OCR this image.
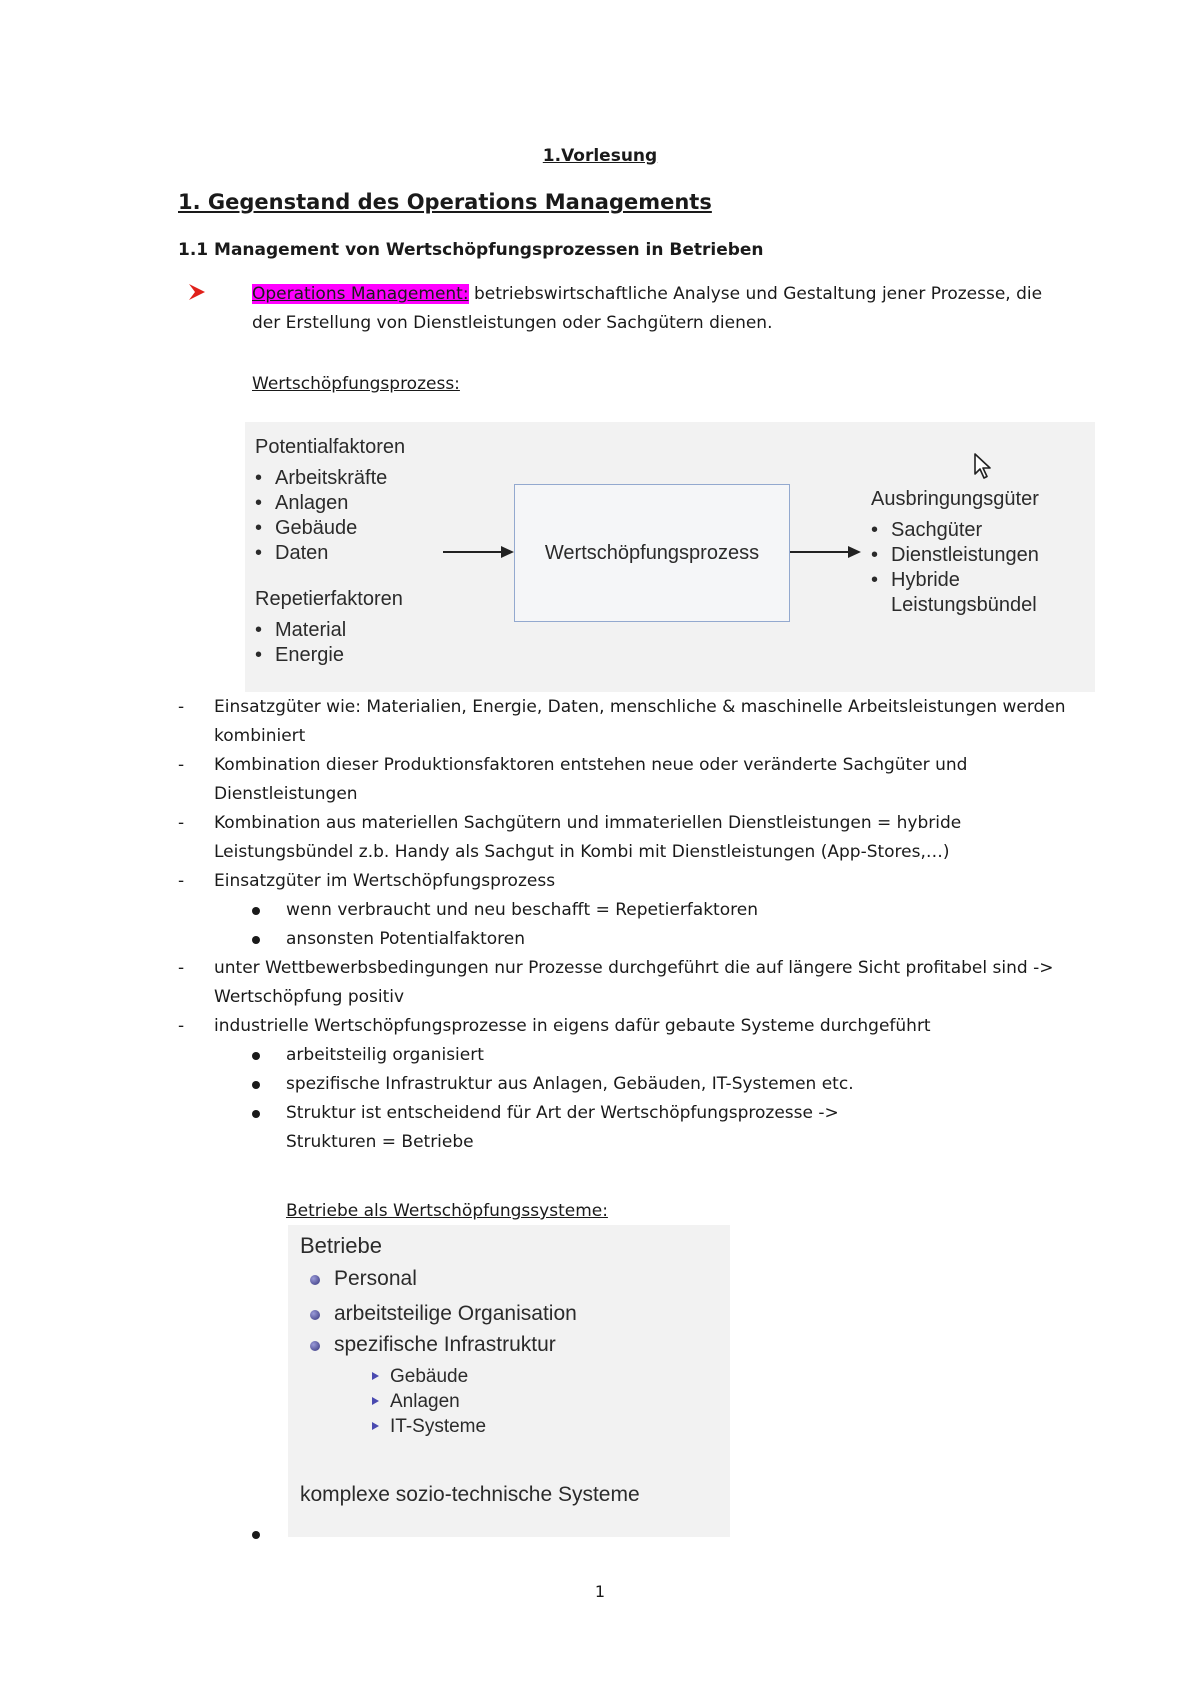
1.Vorlesung
1. Gegenstand des Operations Managements
1.1 Management von Wertschöpfungsprozessen in Betrieben
Operations Management: betriebswirtschaftliche Analyse und Gestaltung jener Prozesse, die der Erstellung von Dienstleistungen oder Sachgütern dienen.
Wertschöpfungsprozess:
Potentialfaktoren
• Arbeitskräfte
• Anlagen
• Gebäude
• Daten
Repetierfaktoren
• Material
• Energie
Wertschöpfungsprozess
Ausbringungsgüter
• Sachgüter
• Dienstleistungen
• Hybride Leistungsbündel
- Einsatzgüter wie: Materialien, Energie, Daten, menschliche & maschinelle Arbeitsleistungen werden kombiniert
- Kombination dieser Produktionsfaktoren entstehen neue oder veränderte Sachgüter und Dienstleistungen
- Kombination aus materiellen Sachgütern und immateriellen Dienstleistungen = hybride Leistungsbündel z.b. Handy als Sachgut in Kombi mit Dienstleistungen (App-Stores,…)
- Einsatzgüter im Wertschöpfungsprozess
wenn verbraucht und neu beschafft = Repetierfaktoren
ansonsten Potentialfaktoren
- unter Wettbewerbsbedingungen nur Prozesse durchgeführt die auf längere Sicht profitabel sind -> Wertschöpfung positiv
- industrielle Wertschöpfungsprozesse in eigens dafür gebaute Systeme durchgeführt
arbeitsteilig organisiert
spezifische Infrastruktur aus Anlagen, Gebäuden, IT-Systemen etc.
Struktur ist entscheidend für Art der Wertschöpfungsprozesse -> Strukturen = Betriebe
Betriebe als Wertschöpfungssysteme:
Betriebe
Personal
arbeitsteilige Organisation
spezifische Infrastruktur
Gebäude
Anlagen
IT-Systeme
komplexe sozio-technische Systeme
1
